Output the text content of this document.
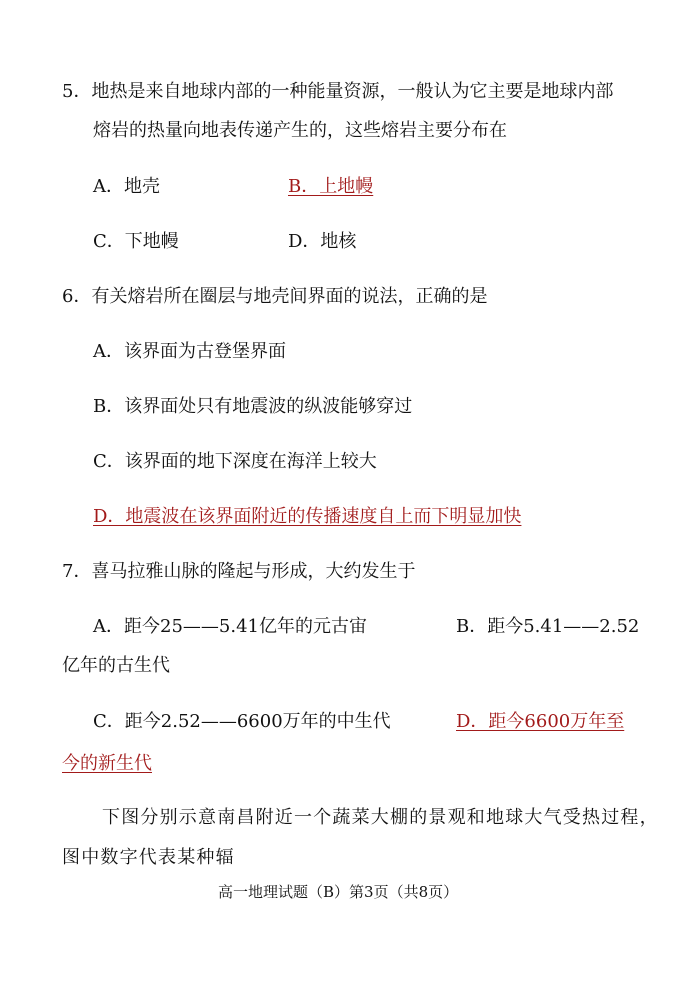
5．地热是来自地球内部的一种能量资源，一般认为它主要是地球内部
熔岩的热量向地表传递产生的，这些熔岩主要分布在
A．地壳	B．上地幔
C．下地幔	D．地核
6．有关熔岩所在圈层与地壳间界面的说法，正确的是
A．该界面为古登堡界面
B．该界面处只有地震波的纵波能够穿过
C．该界面的地下深度在海洋上较大
D．地震波在该界面附近的传播速度自上而下明显加快
7．喜马拉雅山脉的隆起与形成，大约发生于
A．距今25——5.41亿年的元古宙	B．距今5.41——2.52
亿年的古生代
C．距今2.52——6600万年的中生代	D．距今6600万年至
今的新生代
下图分别示意南昌附近一个蔬菜大棚的景观和地球大气受热过程，
图中数字代表某种辐
高一地理试题（B）第3页（共8页）
